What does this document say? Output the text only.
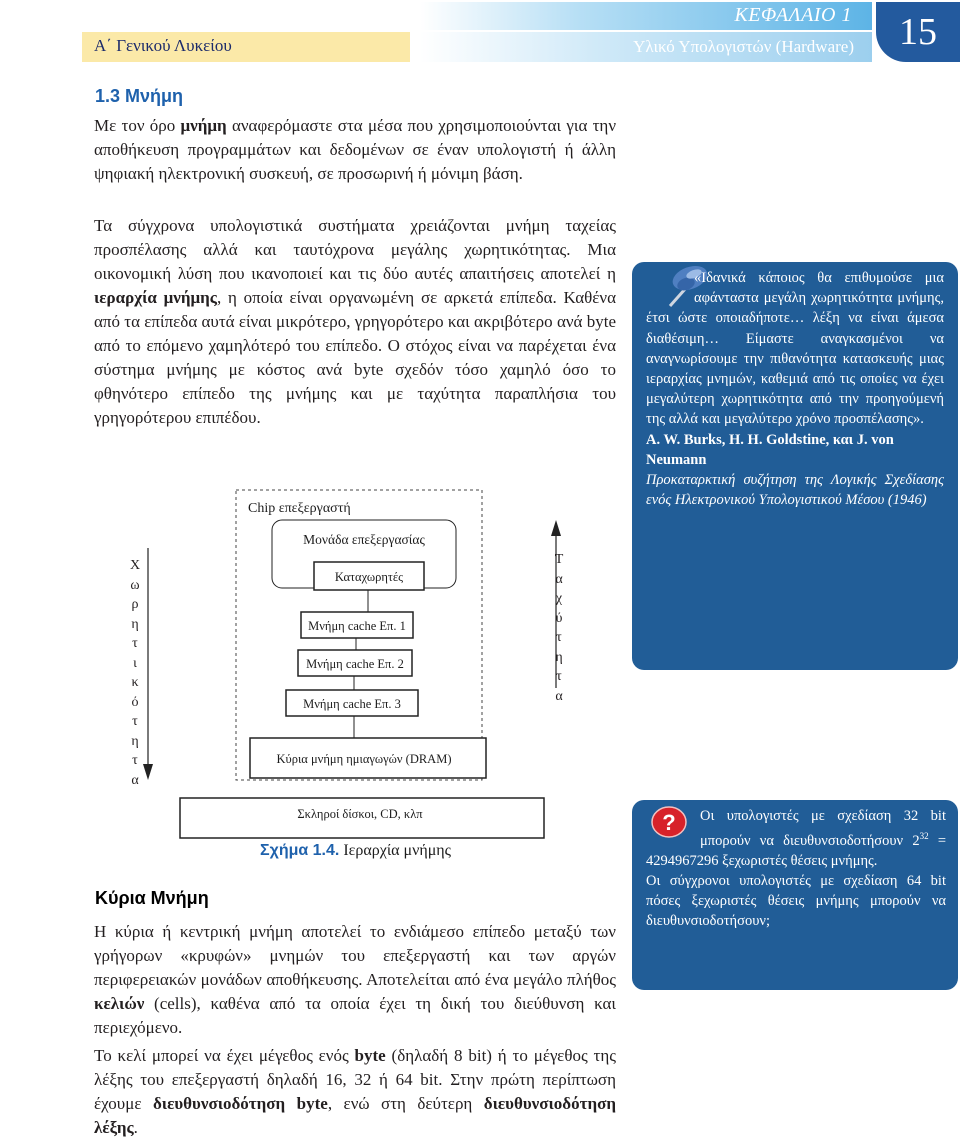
Α΄ Γενικού Λυκείου
ΚΕΦΑΛΑΙΟ 1
Υλικό Υπολογιστών (Hardware)	15
1.3 Μνήμη
Με τον όρο μνήμη αναφερόμαστε στα μέσα που χρησιμοποιούνται για την αποθήκευση προγραμμάτων και δεδομένων σε έναν υπολογιστή ή άλλη ψηφιακή ηλεκτρονική συσκευή, σε προσωρινή ή μόνιμη βάση.
Τα σύγχρονα υπολογιστικά συστήματα χρειάζονται μνήμη ταχείας προσπέλασης αλλά και ταυτόχρονα μεγάλης χωρητικότητας. Μια οικονομική λύση που ικανοποιεί και τις δύο αυτές απαιτήσεις αποτελεί η ιεραρχία μνήμης, η οποία είναι οργανωμένη σε αρκετά επίπεδα. Καθένα από τα επίπεδα αυτά είναι μικρότερο, γρηγορότερο και ακριβότερο ανά byte από το επόμενο χαμηλότερό του επίπεδο. Ο στόχος είναι να παρέχεται ένα σύστημα μνήμης με κόστος ανά byte σχεδόν τόσο χαμηλό όσο το φθηνότερο επίπεδο της μνήμης και με ταχύτητα παραπλήσια του γρηγορότερου επιπέδου.
«Ιδανικά κάποιος θα επιθυμούσε μια αφάνταστα μεγάλη χωρητικότητα μνήμης, έτσι ώστε οποιαδήποτε… λέξη να είναι άμεσα διαθέσιμη… Είμαστε αναγκασμένοι να αναγνωρίσουμε την πιθανότητα κατασκευής μιας ιεραρχίας μνημών, καθεμιά από τις οποίες να έχει μεγαλύτερη χωρητικότητα από την προηγούμενή της αλλά και μεγαλύτερο χρόνο προσπέλασης».

A. W. Burks, H. H. Goldstine, και J. von Neumann
Προκαταρκτική συζήτηση της Λογικής Σχεδίασης ενός Ηλεκτρονικού Υπολογιστικού Μέσου (1946)
Chip επεξεργαστή
Μονάδα επεξεργασίας
Καταχωρητές
Μνήμη cache Επ. 1
Μνήμη cache Επ. 2
Μνήμη cache Επ. 3
Κύρια μνήμη ημιαγωγών (DRAM)
Σκληροί δίσκοι, CD, κλπ
Χ
ω
ρ
η
τ
ι
κ
ό
τ
η
τ
α
Τ
α
χ
ύ
τ
η
τ
α
Σχήμα 1.4. Ιεραρχία μνήμης
Κύρια Μνήμη
Η κύρια ή κεντρική μνήμη αποτελεί το ενδιάμεσο επίπεδο μεταξύ των γρήγορων «κρυφών» μνημών του επεξεργαστή και των αργών περιφερειακών μονάδων αποθήκευσης. Αποτελείται από ένα μεγάλο πλήθος κελιών (cells), καθένα από τα οποία έχει τη δική του διεύθυνση και περιεχόμενο.
Το κελί μπορεί να έχει μέγεθος ενός byte (δηλαδή 8 bit) ή το μέγεθος της λέξης του επεξεργαστή δηλαδή 16, 32 ή 64 bit. Στην πρώτη περίπτωση έχουμε διευθυνσιοδότηση byte, ενώ στη δεύτερη διευθυνσιοδότηση λέξης.
?	Οι υπολογιστές με σχεδίαση 32 bit μπορούν να διευθυνσιοδοτήσουν $2^{32} = 4294967296$ ξεχωριστές θέσεις μνήμης.
Οι σύγχρονοι υπολογιστές με σχεδίαση 64 bit πόσες ξεχωριστές θέσεις μνήμης μπορούν να διευθυνσιοδοτήσουν;
